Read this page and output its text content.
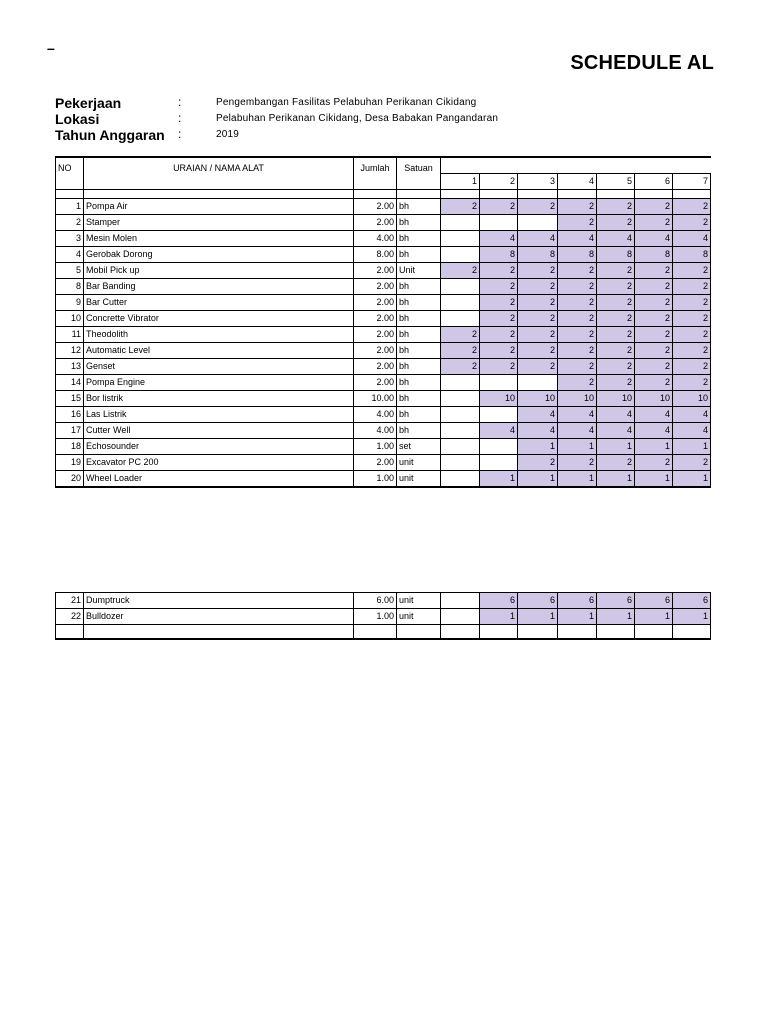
–
SCHEDULE AL
Pekerjaan	:	Pengembangan Fasilitas Pelabuhan Perikanan Cikidang
Lokasi	:	Pelabuhan Perikanan Cikidang, Desa Babakan Pangandaran
Tahun Anggaran :	2019
NO	URAIAN / NAMA ALAT	Jumlah	Satuan							
				1	2	3	4	5	6	7

1	Pompa Air	2.00	bh	2	2	2	2	2	2	2
2	Stamper	2.00	bh				2	2	2	2
3	Mesin Molen	4.00	bh		4	4	4	4	4	4
4	Gerobak Dorong	8.00	bh		8	8	8	8	8	8
5	Mobil Pick up	2.00	Unit	2	2	2	2	2	2	2
8	Bar Banding	2.00	bh		2	2	2	2	2	2
9	Bar Cutter	2.00	bh		2	2	2	2	2	2
10	Concrette Vibrator	2.00	bh		2	2	2	2	2	2
11	Theodolith	2.00	bh	2	2	2	2	2	2	2
12	Automatic Level	2.00	bh	2	2	2	2	2	2	2
13	Genset	2.00	bh	2	2	2	2	2	2	2
14	Pompa Engine	2.00	bh				2	2	2	2
15	Bor listrik	10.00	bh		10	10	10	10	10	10
16	Las Listrik	4.00	bh			4	4	4	4	4
17	Cutter Well	4.00	bh		4	4	4	4	4	4
18	Echosounder	1.00	set			1	1	1	1	1
19	Excavator PC 200	2.00	unit			2	2	2	2	2
20	Wheel Loader	1.00	unit		1	1	1	1	1	1
21	Dumptruck	6.00	unit		6	6	6	6	6	6
22	Bulldozer	1.00	unit		1	1	1	1	1	1
